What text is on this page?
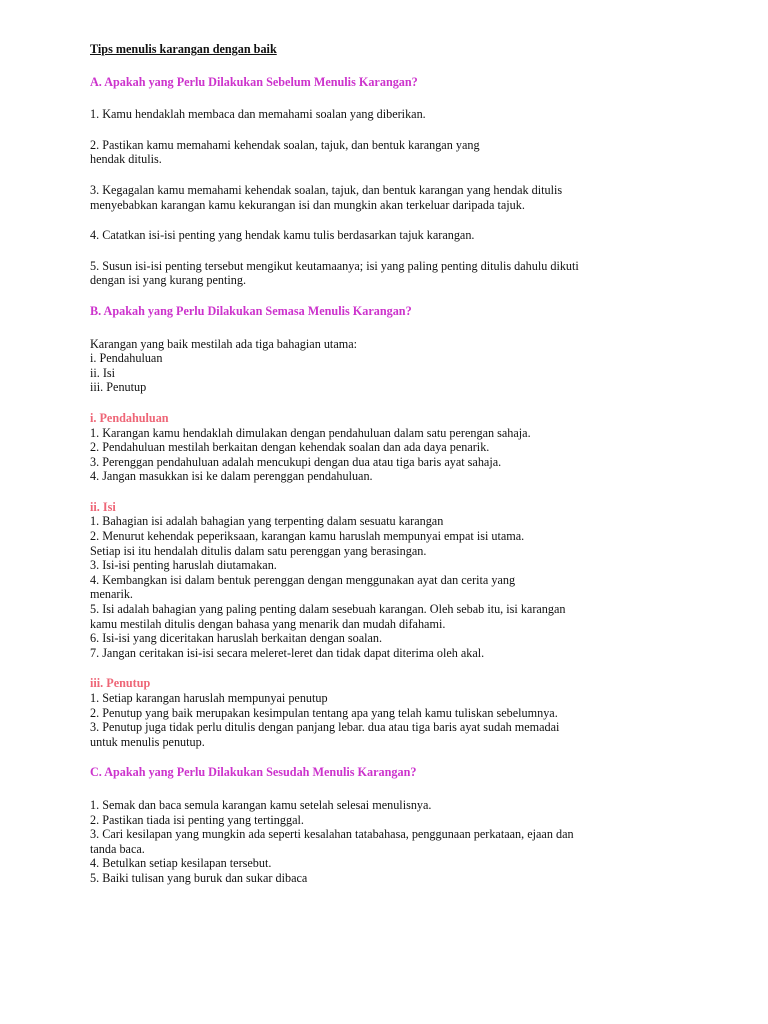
Tips menulis karangan dengan baik

A. Apakah yang Perlu Dilakukan Sebelum Menulis Karangan?

1. Kamu hendaklah membaca dan memahami soalan yang diberikan.

2. Pastikan kamu memahami kehendak soalan, tajuk, dan bentuk karangan yang hendak ditulis.

3. Kegagalan kamu memahami kehendak soalan, tajuk, dan bentuk karangan yang hendak ditulis menyebabkan karangan kamu kekurangan isi dan mungkin akan terkeluar daripada tajuk.

4. Catatkan isi-isi penting yang hendak kamu tulis berdasarkan tajuk karangan.

5. Susun isi-isi penting tersebut mengikut keutamaanya; isi yang paling penting ditulis dahulu dikuti dengan isi yang kurang penting.

B. Apakah yang Perlu Dilakukan Semasa Menulis Karangan?

Karangan yang baik mestilah ada tiga bahagian utama:

i. Pendahuluan

ii. Isi

iii. Penutup

i. Pendahuluan

1. Karangan kamu hendaklah dimulakan dengan pendahuluan dalam satu perengan sahaja.

2. Pendahuluan mestilah berkaitan dengan kehendak soalan dan ada daya penarik.

3. Perenggan pendahuluan adalah mencukupi dengan dua atau tiga baris ayat sahaja.

4. Jangan masukkan isi ke dalam perenggan pendahuluan.

ii. Isi

1. Bahagian isi adalah bahagian yang terpenting dalam sesuatu karangan

2. Menurut kehendak peperiksaan, karangan kamu haruslah mempunyai empat isi utama. Setiap isi itu hendalah ditulis dalam satu perenggan yang berasingan.

3. Isi-isi penting haruslah diutamakan.

4. Kembangkan isi dalam bentuk perenggan dengan menggunakan ayat dan cerita yang menarik.

5. Isi adalah bahagian yang paling penting dalam sesebuah karangan. Oleh sebab itu, isi karangan kamu mestilah ditulis dengan bahasa yang menarik dan mudah difahami.

6. Isi-isi yang diceritakan haruslah berkaitan dengan soalan.

7. Jangan ceritakan isi-isi secara meleret-leret dan tidak dapat diterima oleh akal.

iii. Penutup

1. Setiap karangan haruslah mempunyai penutup

2. Penutup yang baik merupakan kesimpulan tentang apa yang telah kamu tuliskan sebelumnya.

3. Penutup juga tidak perlu ditulis dengan panjang lebar. dua atau tiga baris ayat sudah memadai untuk menulis penutup.

C. Apakah yang Perlu Dilakukan Sesudah Menulis Karangan?

1. Semak dan baca semula karangan kamu setelah selesai menulisnya.

2. Pastikan tiada isi penting yang tertinggal.

3. Cari kesilapan yang mungkin ada seperti kesalahan tatabahasa, penggunaan perkataan, ejaan dan tanda baca.

4. Betulkan setiap kesilapan tersebut.

5. Baiki tulisan yang buruk dan sukar dibaca
